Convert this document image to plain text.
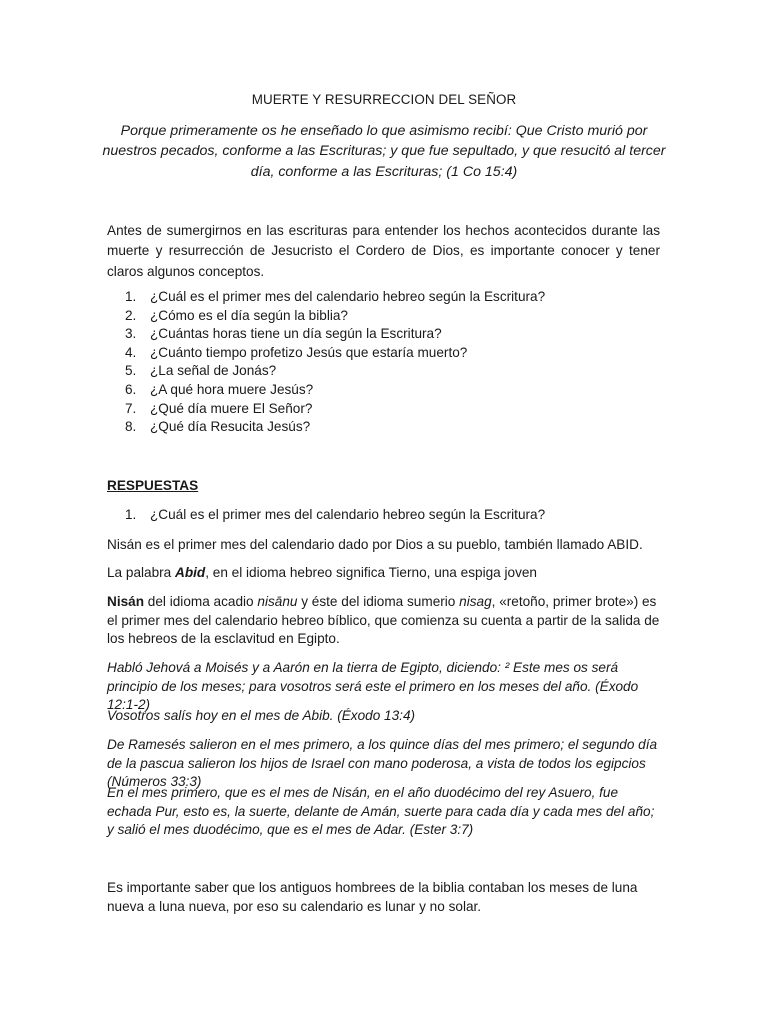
MUERTE Y RESURRECCION DEL SEÑOR
Porque primeramente os he enseñado lo que asimismo recibí: Que Cristo murió por nuestros pecados, conforme a las Escrituras; y que fue sepultado, y que resucitó al tercer día, conforme a las Escrituras; (1 Co 15:4)
Antes de sumergirnos en las escrituras para entender los hechos acontecidos durante las muerte y resurrección de Jesucristo el Cordero de Dios, es importante conocer y tener claros algunos conceptos.
1.	¿Cuál es el primer mes del calendario hebreo según la Escritura?
2.	¿Cómo es el día según la biblia?
3.	¿Cuántas horas tiene un día según la Escritura?
4.	¿Cuánto tiempo profetizo Jesús que estaría muerto?
5.	¿La señal de Jonás?
6.	¿A qué hora muere Jesús?
7.	¿Qué día muere El Señor?
8.	¿Qué día Resucita Jesús?
RESPUESTAS
1.	¿Cuál es el primer mes del calendario hebreo según la Escritura?

Nisán es el primer mes del calendario dado por Dios a su pueblo, también llamado ABID.

La palabra Abid, en el idioma hebreo significa Tierno, una espiga joven

Nisán del idioma acadio nisānu y éste del idioma sumerio nisag, «retoño, primer brote») es el primer mes del calendario hebreo bíblico, que comienza su cuenta a partir de la salida de los hebreos de la esclavitud en Egipto.

Habló Jehová a Moisés y a Aarón en la tierra de Egipto, diciendo: ² Este mes os será principio de los meses; para vosotros será este el primero en los meses del año. (Éxodo 12:1-2)

Vosotros salís hoy en el mes de Abib. (Éxodo 13:4)

De Ramesés salieron en el mes primero, a los quince días del mes primero; el segundo día de la pascua salieron los hijos de Israel con mano poderosa, a vista de todos los egipcios (Números 33:3)

En el mes primero, que es el mes de Nisán, en el año duodécimo del rey Asuero, fue echada Pur, esto es, la suerte, delante de Amán, suerte para cada día y cada mes del año; y salió el mes duodécimo, que es el mes de Adar. (Ester 3:7)

Es importante saber que los antiguos hombrees de la biblia contaban los meses de luna nueva a luna nueva, por eso su calendario es lunar y no solar.
